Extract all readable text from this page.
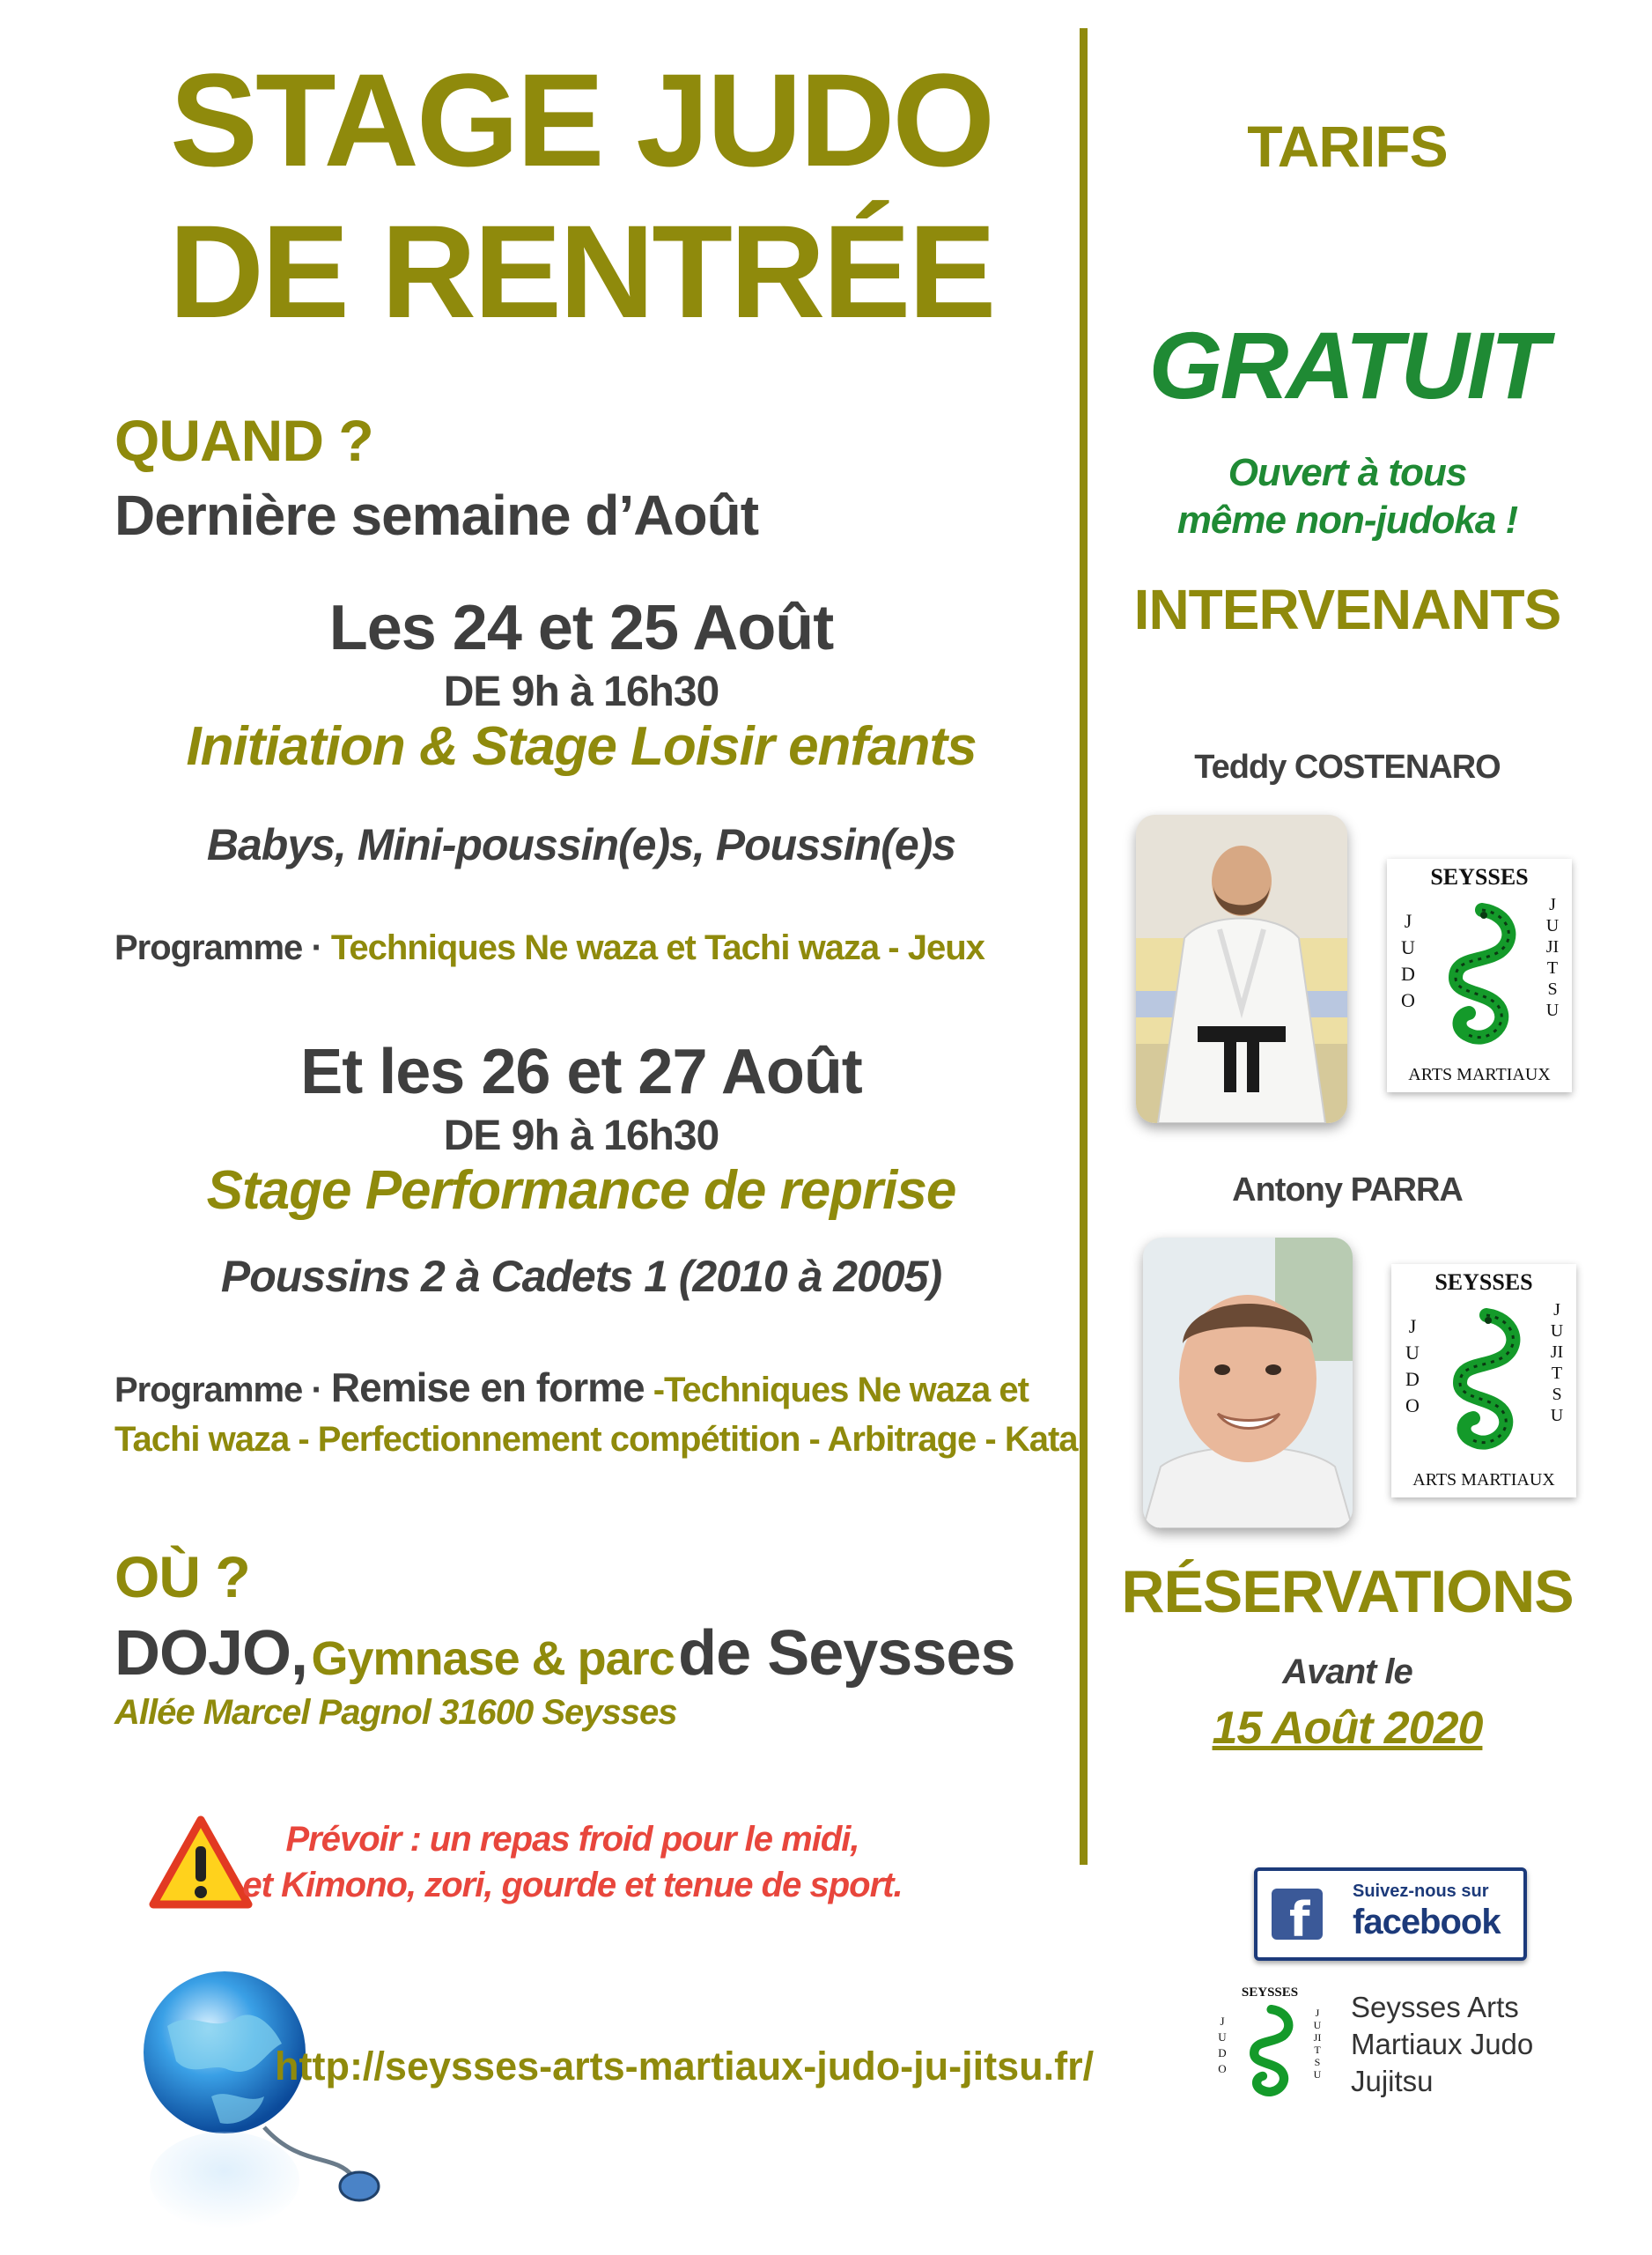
STAGE JUDO
DE RENTRÉE
QUAND ?
Dernière semaine d’Août
Les 24 et 25 Août
DE 9h à 16h30
Initiation & Stage Loisir enfants
Babys, Mini-poussin(e)s, Poussin(e)s
Programme · Techniques Ne waza et Tachi waza - Jeux
Et les 26 et 27 Août
DE 9h à 16h30
Stage Performance de reprise
Poussins 2 à Cadets 1 (2010 à 2005)
Programme · Remise en forme -Techniques Ne waza et
Tachi waza - Perfectionnement compétition - Arbitrage - Kata
OÙ ?
DOJO, Gymnase & parc de Seysses
Allée Marcel Pagnol 31600 Seysses
Prévoir : un repas froid pour le midi,
et Kimono, zori, gourde et tenue de sport.
http://seysses-arts-martiaux-judo-ju-jitsu.fr/
TARIFS
GRATUIT
Ouvert à tous
même non-judoka !
INTERVENANTS
Teddy COSTENARO
SEYSSES
JUDO
JUJITSU
ARTS MARTIAUX
Antony PARRA
SEYSSES
JUDO
JUJITSU
ARTS MARTIAUX
RÉSERVATIONS
Avant le
15 Août 2020
f
Suivez-nous sur
facebook
SEYSSES
JUDO
JUJITSU
Seysses Arts
Martiaux Judo
Jujitsu
